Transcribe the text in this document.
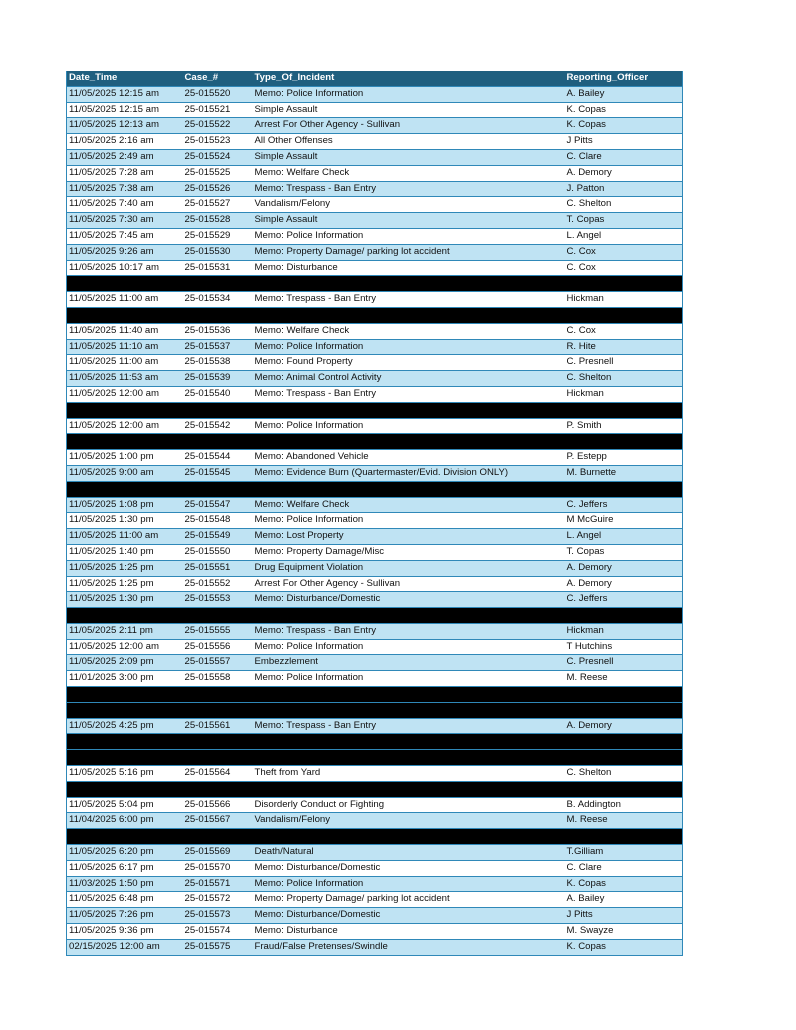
Date_Time	Case_#	Type_Of_Incident	Reporting_Officer
11/05/2025 12:15 am	25-015520	Memo: Police Information	A. Bailey
11/05/2025 12:15 am	25-015521	Simple Assault	K. Copas
11/05/2025 12:13 am	25-015522	Arrest For Other Agency - Sullivan	K. Copas
11/05/2025 2:16 am	25-015523	All Other Offenses	J Pitts
11/05/2025 2:49 am	25-015524	Simple Assault	C. Clare
11/05/2025 7:28 am	25-015525	Memo: Welfare Check	A. Demory
11/05/2025 7:38 am	25-015526	Memo: Trespass - Ban Entry	J. Patton
11/05/2025 7:40 am	25-015527	Vandalism/Felony	C. Shelton
11/05/2025 7:30 am	25-015528	Simple Assault	T. Copas
11/05/2025 7:45 am	25-015529	Memo: Police Information	L. Angel
11/05/2025 9:26 am	25-015530	Memo: Property Damage/ parking lot accident	C. Cox
11/05/2025 10:17 am	25-015531	Memo: Disturbance	C. Cox

11/05/2025 11:00 am	25-015534	Memo: Trespass - Ban Entry	Hickman

11/05/2025 11:40 am	25-015536	Memo: Welfare Check	C. Cox
11/05/2025 11:10 am	25-015537	Memo: Police Information	R. Hite
11/05/2025 11:00 am	25-015538	Memo: Found Property	C. Presnell
11/05/2025 11:53 am	25-015539	Memo: Animal Control Activity	C. Shelton
11/05/2025 12:00 am	25-015540	Memo: Trespass - Ban Entry	Hickman

11/05/2025 12:00 am	25-015542	Memo: Police Information	P. Smith

11/05/2025 1:00 pm	25-015544	Memo: Abandoned Vehicle	P. Estepp
11/05/2025 9:00 am	25-015545	Memo: Evidence Burn (Quartermaster/Evid. Division ONLY)	M. Burnette

11/05/2025 1:08 pm	25-015547	Memo: Welfare Check	C. Jeffers
11/05/2025 1:30 pm	25-015548	Memo: Police Information	M McGuire
11/05/2025 11:00 am	25-015549	Memo: Lost Property	L. Angel
11/05/2025 1:40 pm	25-015550	Memo: Property Damage/Misc	T. Copas
11/05/2025 1:25 pm	25-015551	Drug Equipment Violation	A. Demory
11/05/2025 1:25 pm	25-015552	Arrest For Other Agency - Sullivan	A. Demory
11/05/2025 1:30 pm	25-015553	Memo: Disturbance/Domestic	C. Jeffers

11/05/2025 2:11 pm	25-015555	Memo: Trespass - Ban Entry	Hickman
11/05/2025 12:00 am	25-015556	Memo: Police Information	T Hutchins
11/05/2025 2:09 pm	25-015557	Embezzlement	C. Presnell
11/01/2025 3:00 pm	25-015558	Memo: Police Information	M. Reese

11/05/2025 4:25 pm	25-015561	Memo: Trespass - Ban Entry	A. Demory

11/05/2025 5:16 pm	25-015564	Theft from Yard	C. Shelton

11/05/2025 5:04 pm	25-015566	Disorderly Conduct or Fighting	B. Addington
11/04/2025 6:00 pm	25-015567	Vandalism/Felony	M. Reese

11/05/2025 6:20 pm	25-015569	Death/Natural	T.Gilliam
11/05/2025 6:17 pm	25-015570	Memo: Disturbance/Domestic	C. Clare
11/03/2025 1:50 pm	25-015571	Memo: Police Information	K. Copas
11/05/2025 6:48 pm	25-015572	Memo: Property Damage/ parking lot accident	A. Bailey
11/05/2025 7:26 pm	25-015573	Memo: Disturbance/Domestic	J Pitts
11/05/2025 9:36 pm	25-015574	Memo: Disturbance	M. Swayze
02/15/2025 12:00 am	25-015575	Fraud/False Pretenses/Swindle	K. Copas
